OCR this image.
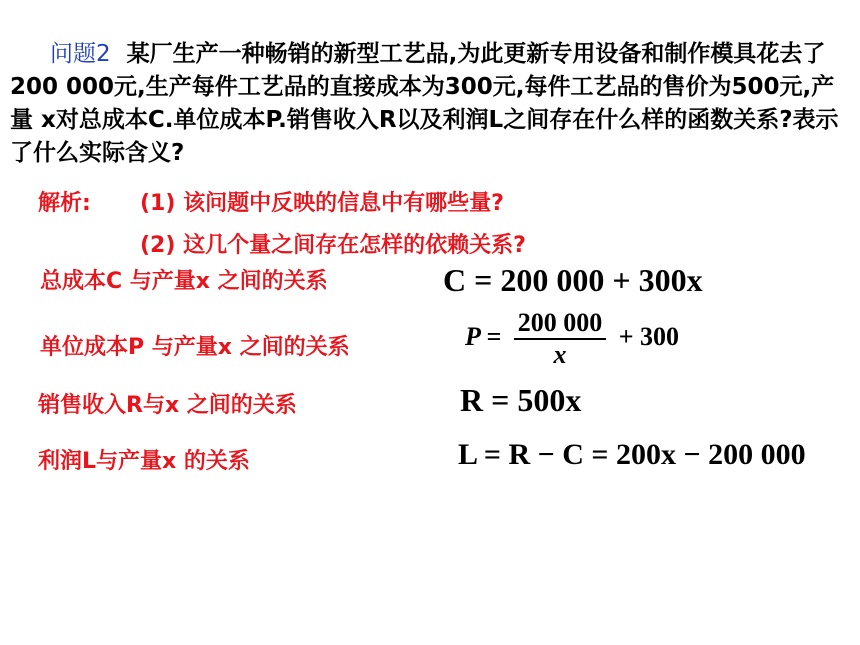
问题2 某厂生产一种畅销的新型工艺品,为此更新专用设备和制作模具花去了200 000元,生产每件工艺品的直接成本为300元,每件工艺品的售价为500元,产量 x对总成本C.单位成本P.销售收入R以及利润L之间存在什么样的函数关系?表示了什么实际含义?
解析: (1) 该问题中反映的信息中有哪些量?
(2) 这几个量之间存在怎样的依赖关系?
总成本C 与产量x 之间的关系	C = 200 000 + 300x
单位成本P 与产量x 之间的关系	$P = \frac{200 000}{x} + 300$
销售收入R与x 之间的关系	R = 500x
利润L与产量x 的关系	L = R − C = 200x − 200 000
